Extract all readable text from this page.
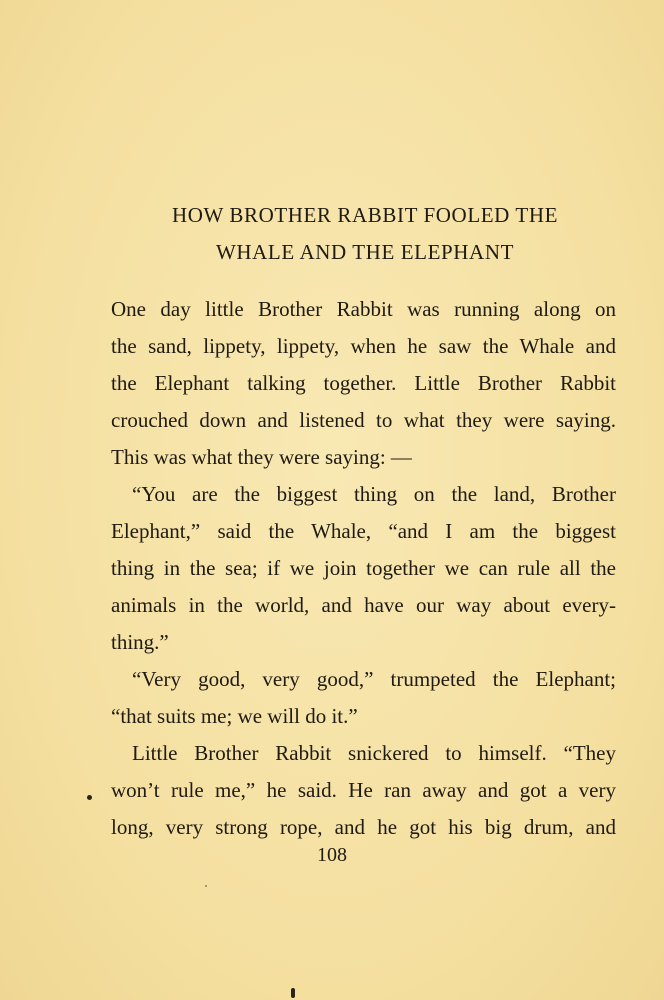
HOW BROTHER RABBIT FOOLED THE
WHALE AND THE ELEPHANT

One day little Brother Rabbit was running along on

the sand, lippety, lippety, when he saw the Whale and

the Elephant talking together. Little Brother Rabbit

crouched down and listened to what they were saying.

This was what they were saying: —

“You are the biggest thing on the land, Brother

Elephant,” said the Whale, “and I am the biggest

thing in the sea; if we join together we can rule all the

animals in the world, and have our way about every-

thing.”

“Very good, very good,” trumpeted the Elephant;

“that suits me; we will do it.”

Little Brother Rabbit snickered to himself. “They

won’t rule me,” he said. He ran away and got a very

long, very strong rope, and he got his big drum, and

108
